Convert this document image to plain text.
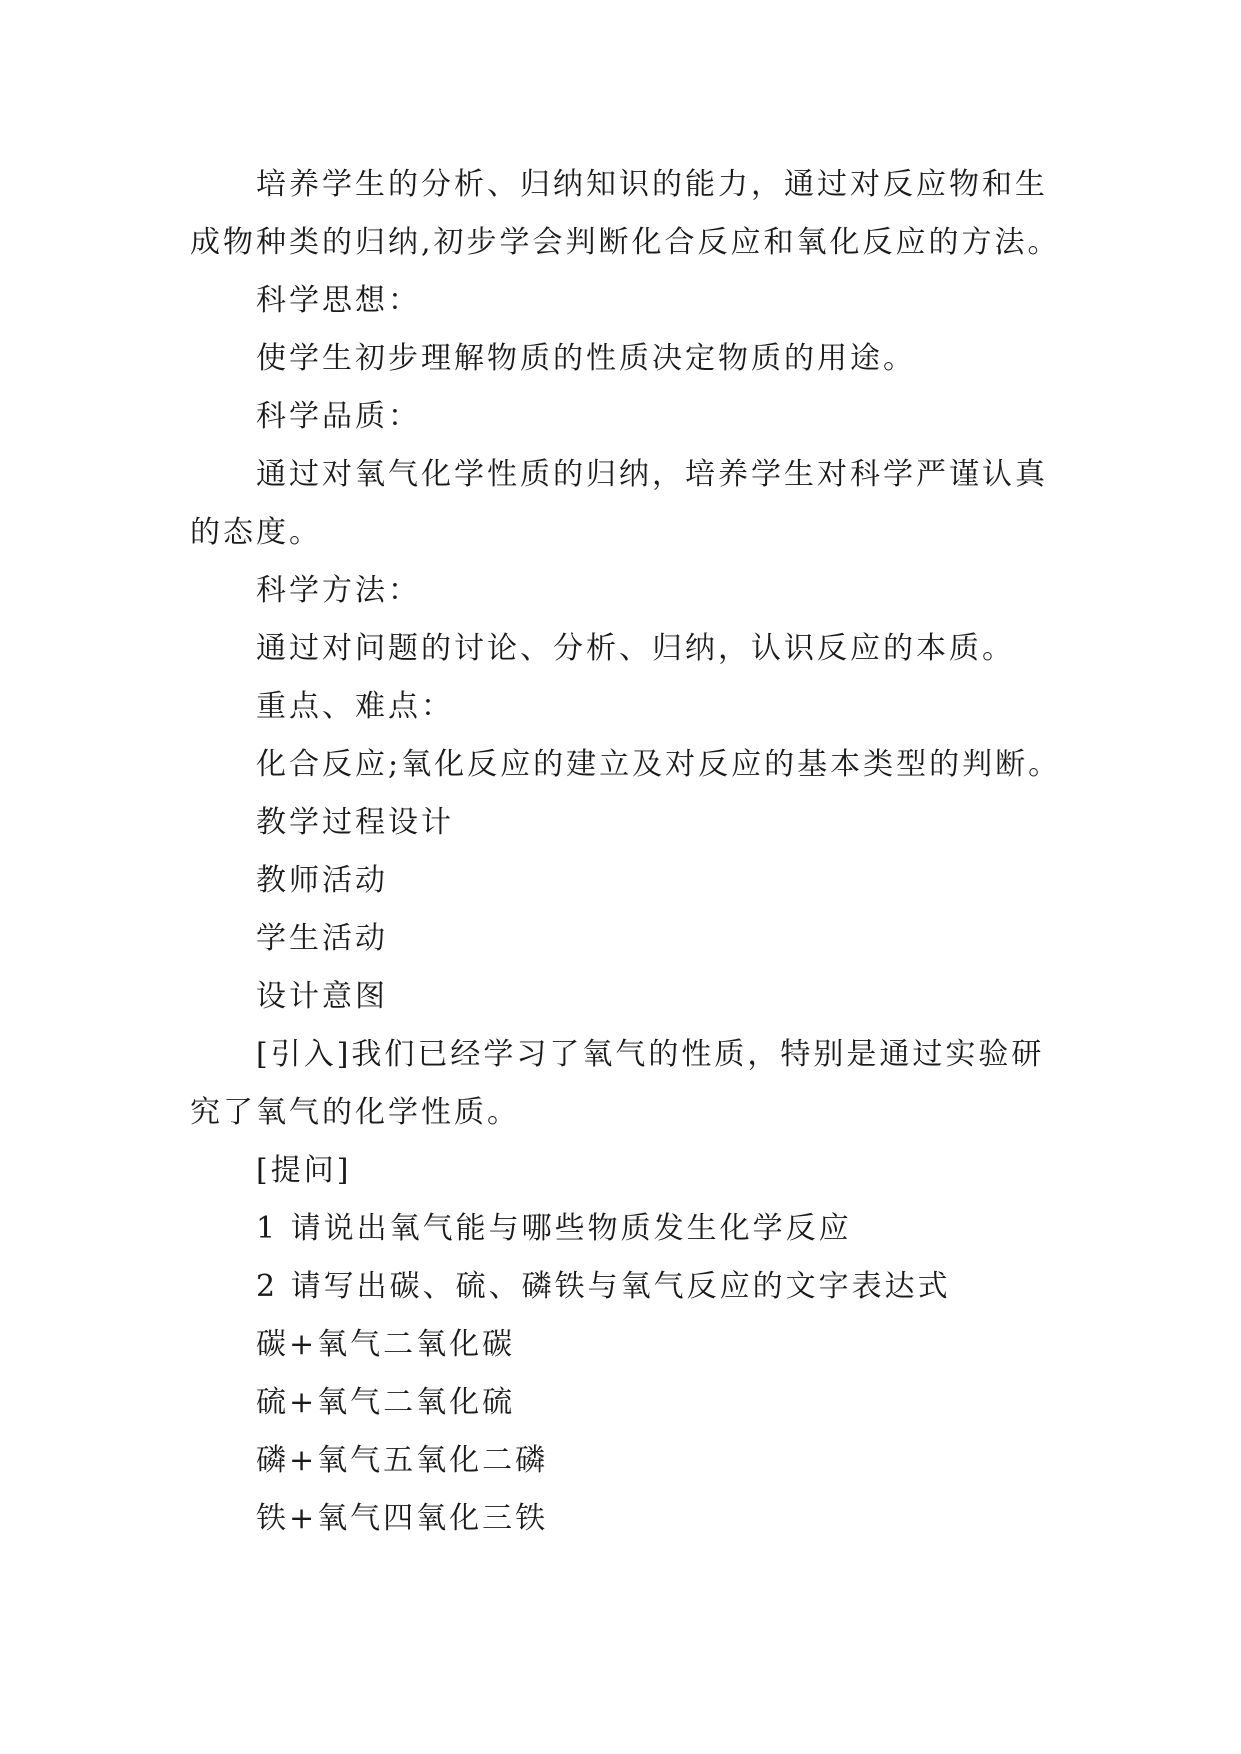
培养学生的分析、归纳知识的能力，通过对反应物和生
成物种类的归纳,初步学会判断化合反应和氧化反应的方法。

科学思想：

使学生初步理解物质的性质决定物质的用途。

科学品质：

通过对氧气化学性质的归纳，培养学生对科学严谨认真
的态度。

科学方法：

通过对问题的讨论、分析、归纳，认识反应的本质。

重点、难点：

化合反应;氧化反应的建立及对反应的基本类型的判断。

教学过程设计

教师活动

学生活动

设计意图

[引入]我们已经学习了氧气的性质，特别是通过实验研
究了氧气的化学性质。

[提问]

1 请说出氧气能与哪些物质发生化学反应

2 请写出碳、硫、磷铁与氧气反应的文字表达式

碳+氧气二氧化碳

硫+氧气二氧化硫

磷+氧气五氧化二磷

铁+氧气四氧化三铁
